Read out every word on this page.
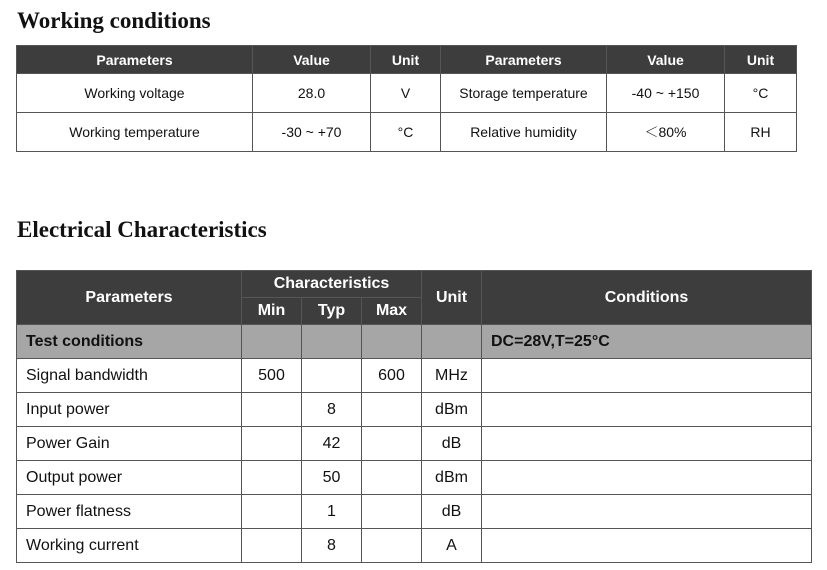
Working conditions
Parameters	Value	Unit	Parameters	Value	Unit
Working voltage	28.0	V	Storage temperature	-40 ~ +150	°C
Working temperature	-30 ~ +70	°C	Relative humidity	＜80%	RH
Electrical Characteristics
Parameters	Characteristics			Unit	Conditions
	Min	Typ	Max		
Test conditions					DC=28V,T=25°C
Signal bandwidth	500		600	MHz	
Input power		8		dBm	
Power Gain		42		dB	
Output power		50		dBm	
Power flatness		1		dB	
Working current		8		A	
